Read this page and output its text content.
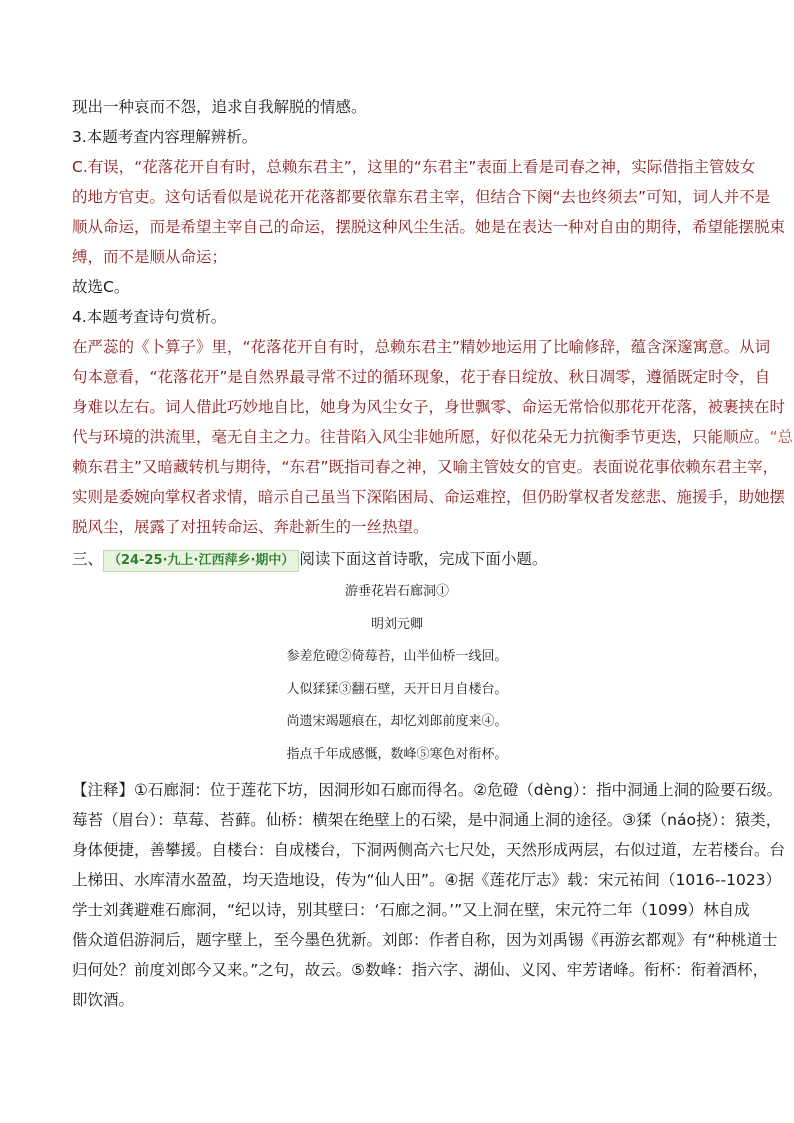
现出一种哀而不怨，追求自我解脱的情感。
3.本题考查内容理解辨析。
C.有误，“花落花开自有时，总赖东君主”，这里的“东君主”表面上看是司春之神，实际借指主管妓女
的地方官吏。这句话看似是说花开花落都要依靠东君主宰，但结合下阕“去也终须去”可知，词人并不是
顺从命运，而是希望主宰自己的命运，摆脱这种风尘生活。她是在表达一种对自由的期待，希望能摆脱束
缚，而不是顺从命运；
故选C。
4.本题考查诗句赏析。
在严蕊的《卜算子》里，“花落花开自有时，总赖东君主”精妙地运用了比喻修辞，蕴含深邃寓意。从词
句本意看，“花落花开”是自然界最寻常不过的循环现象，花于春日绽放、秋日凋零，遵循既定时令，自
身难以左右。词人借此巧妙地自比，她身为风尘女子，身世飘零、命运无常恰似那花开花落，被裹挟在时
代与环境的洪流里，毫无自主之力。往昔陷入风尘非她所愿，好似花朵无力抗衡季节更迭，只能顺应。“总
赖东君主”又暗藏转机与期待，“东君”既指司春之神，又喻主管妓女的官吏。表面说花事依赖东君主宰，
实则是委婉向掌权者求情，暗示自己虽当下深陷困局、命运难控，但仍盼掌权者发慈悲、施援手，助她摆
脱风尘，展露了对扭转命运、奔赴新生的一丝热望。
三、 （24-25·九上·江西萍乡·期中） 阅读下面这首诗歌，完成下面小题。
游垂花岩石廊洞①
明刘元卿
参差危磴②倚莓苔，山半仙桥一线回。
人似猱猱③翻石壁，天开日月自楼台。
尚遗宋竭题痕在，却忆刘郎前度来④。
指点千年成感慨，数峰⑤寒色对衔杯。
【注释】①石廊洞：位于莲花下坊，因洞形如石廊而得名。②危磴（dèng）：指中洞通上洞的险要石级。
莓苔（眉台）：草莓、苔藓。仙桥：横架在绝壁上的石梁，是中洞通上洞的途径。③猱（náo挠）：猿类，
身体便捷，善攀援。自楼台：自成楼台，下洞两侧高六七尺处，天然形成两层，右似过道，左若楼台。台
上梯田、水库清水盈盈，均天造地设，传为“仙人田”。④据《莲花厅志》载：宋元祐间（1016--1023）
学士刘龚避难石廊洞，“纪以诗，别其壁曰：‘石廊之洞。’”又上洞在壁，宋元符二年（1099）林自成
偕众道侣游洞后，题字壁上，至今墨色犹新。刘郎：作者自称，因为刘禹锡《再游玄都观》有“种桃道士
归何处？前度刘郎今又来。”之句，故云。⑤数峰：指六字、湖仙、义冈、牢芳诸峰。衔杯：衔着酒杯，
即饮酒。
